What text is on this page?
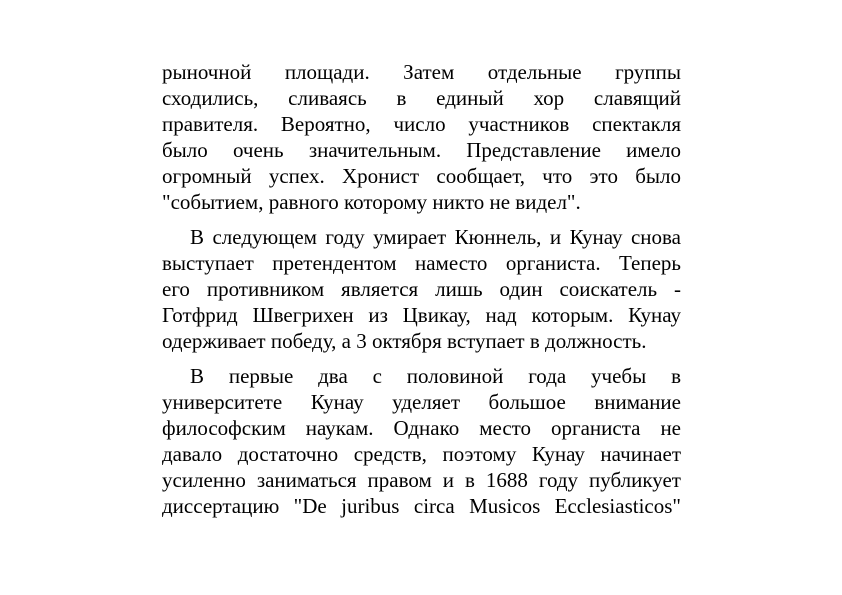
рыночной площади. Затем отдельные группы
сходились, сливаясь в единый хор славящий
правителя. Вероятно, число участников спектакля
было очень значительным. Представление имело
огромный успех. Хронист сообщает, что это было
"событием, равного которому никто не видел".
В следующем году умирает Кюннель, и Кунау снова
выступает претендентом наместо органиста. Теперь
его противником является лишь один соискатель -
Готфрид Швегрихен из Цвикау, над которым. Кунау
одерживает победу, а 3 октября вступает в должность.
В первые два с половиной года учебы в
университете Кунау уделяет большое внимание
философским наукам. Однако место органиста не
давало достаточно средств, поэтому Кунау начинает
усиленно заниматься правом и в 1688 году публикует
диссертацию "De juribus circa Musicos Ecclesiasticos"
